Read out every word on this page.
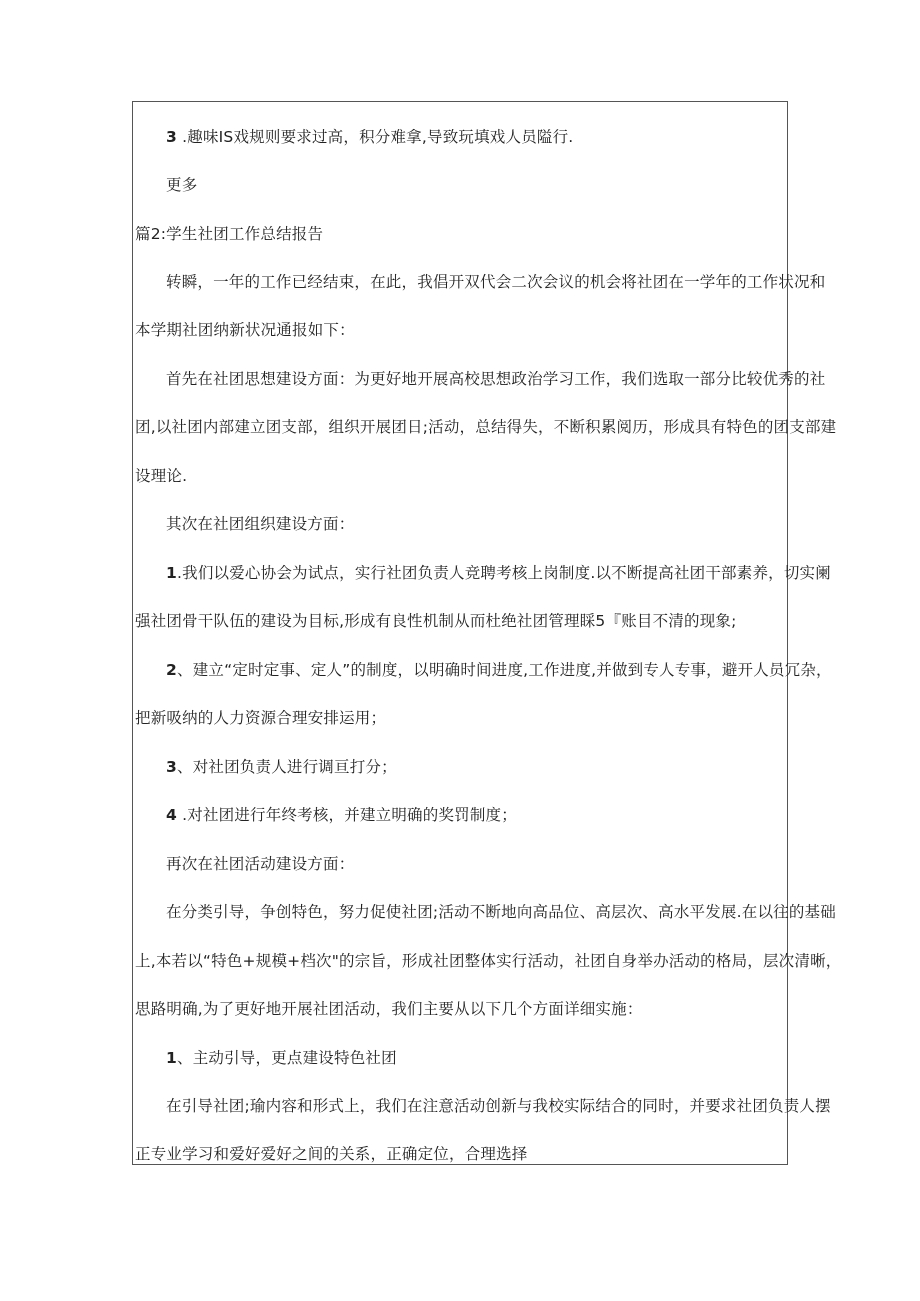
3 .趣味IS戏规则要求过高，积分难拿,导致玩填戏人员隘行.
更多
篇2:学生社团工作总结报告
转瞬，一年的工作已经结束，在此，我倡开双代会二次会议的机会将社团在一学年的工作状况和
本学期社团纳新状况通报如下：
首先在社团思想建设方面：为更好地开展高校思想政治学习工作，我们选取一部分比较优秀的社
团,以社团内部建立团支部，组织开展团日;活动，总结得失，不断积累阅历，形成具有特色的团支部建
设理论.
其次在社团组织建设方面：
1.我们以爱心协会为试点，实行社团负责人竞聘考核上岗制度.以不断提高社团干部素养，切实阑
强社团骨干队伍的建设为目标,形成有良性机制从而杜绝社团管理睬5『账目不清的现象;
2、建立“定时定事、定人”的制度，以明确时间进度,工作进度,并做到专人专事，避开人员冗杂，
把新吸纳的人力资源合理安排运用；
3、对社团负责人进行调亘打分；
4 .对社团进行年终考核，并建立明确的奖罚制度；
再次在社团活动建设方面：
在分类引导，争创特色，努力促使社团;活动不断地向高品位、高层次、高水平发展.在以往的基础
上,本若以“特色+规模+档次"的宗旨，形成社团整体实行活动，社团自身举办活动的格局，层次清晰，
思路明确,为了更好地开展社团活动，我们主要从以下几个方面详细实施：
1、主动引导，更点建设特色社团
在引导社团;瑜内容和形式上，我们在注意活动创新与我校实际结合的同时，并要求社团负责人摆
正专业学习和爱好爱好之间的关系，正确定位，合理选择
